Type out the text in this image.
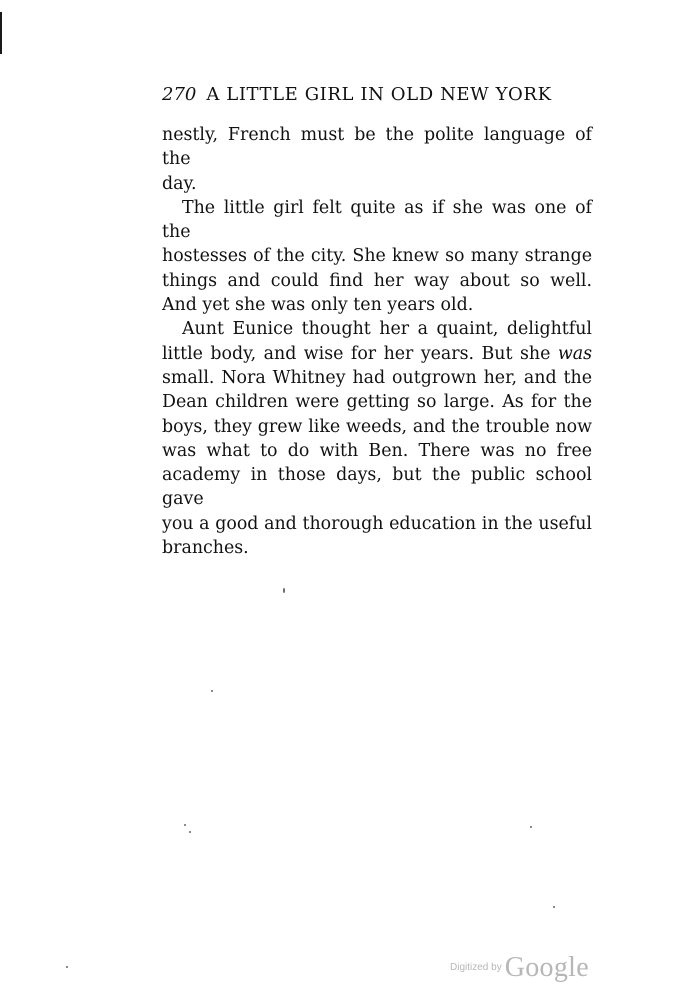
270 A LITTLE GIRL IN OLD NEW YORK
nestly, French must be the polite language of the
day.
The little girl felt quite as if she was one of the
hostesses of the city. She knew so many strange
things and could find her way about so well.
And yet she was only ten years old.
Aunt Eunice thought her a quaint, delightful
little body, and wise for her years. But she was
small. Nora Whitney had outgrown her, and the
Dean children were getting so large. As for the
boys, they grew like weeds, and the trouble now
was what to do with Ben. There was no free
academy in those days, but the public school gave
you a good and thorough education in the useful
branches.
$^{Digitized by}$ Google
